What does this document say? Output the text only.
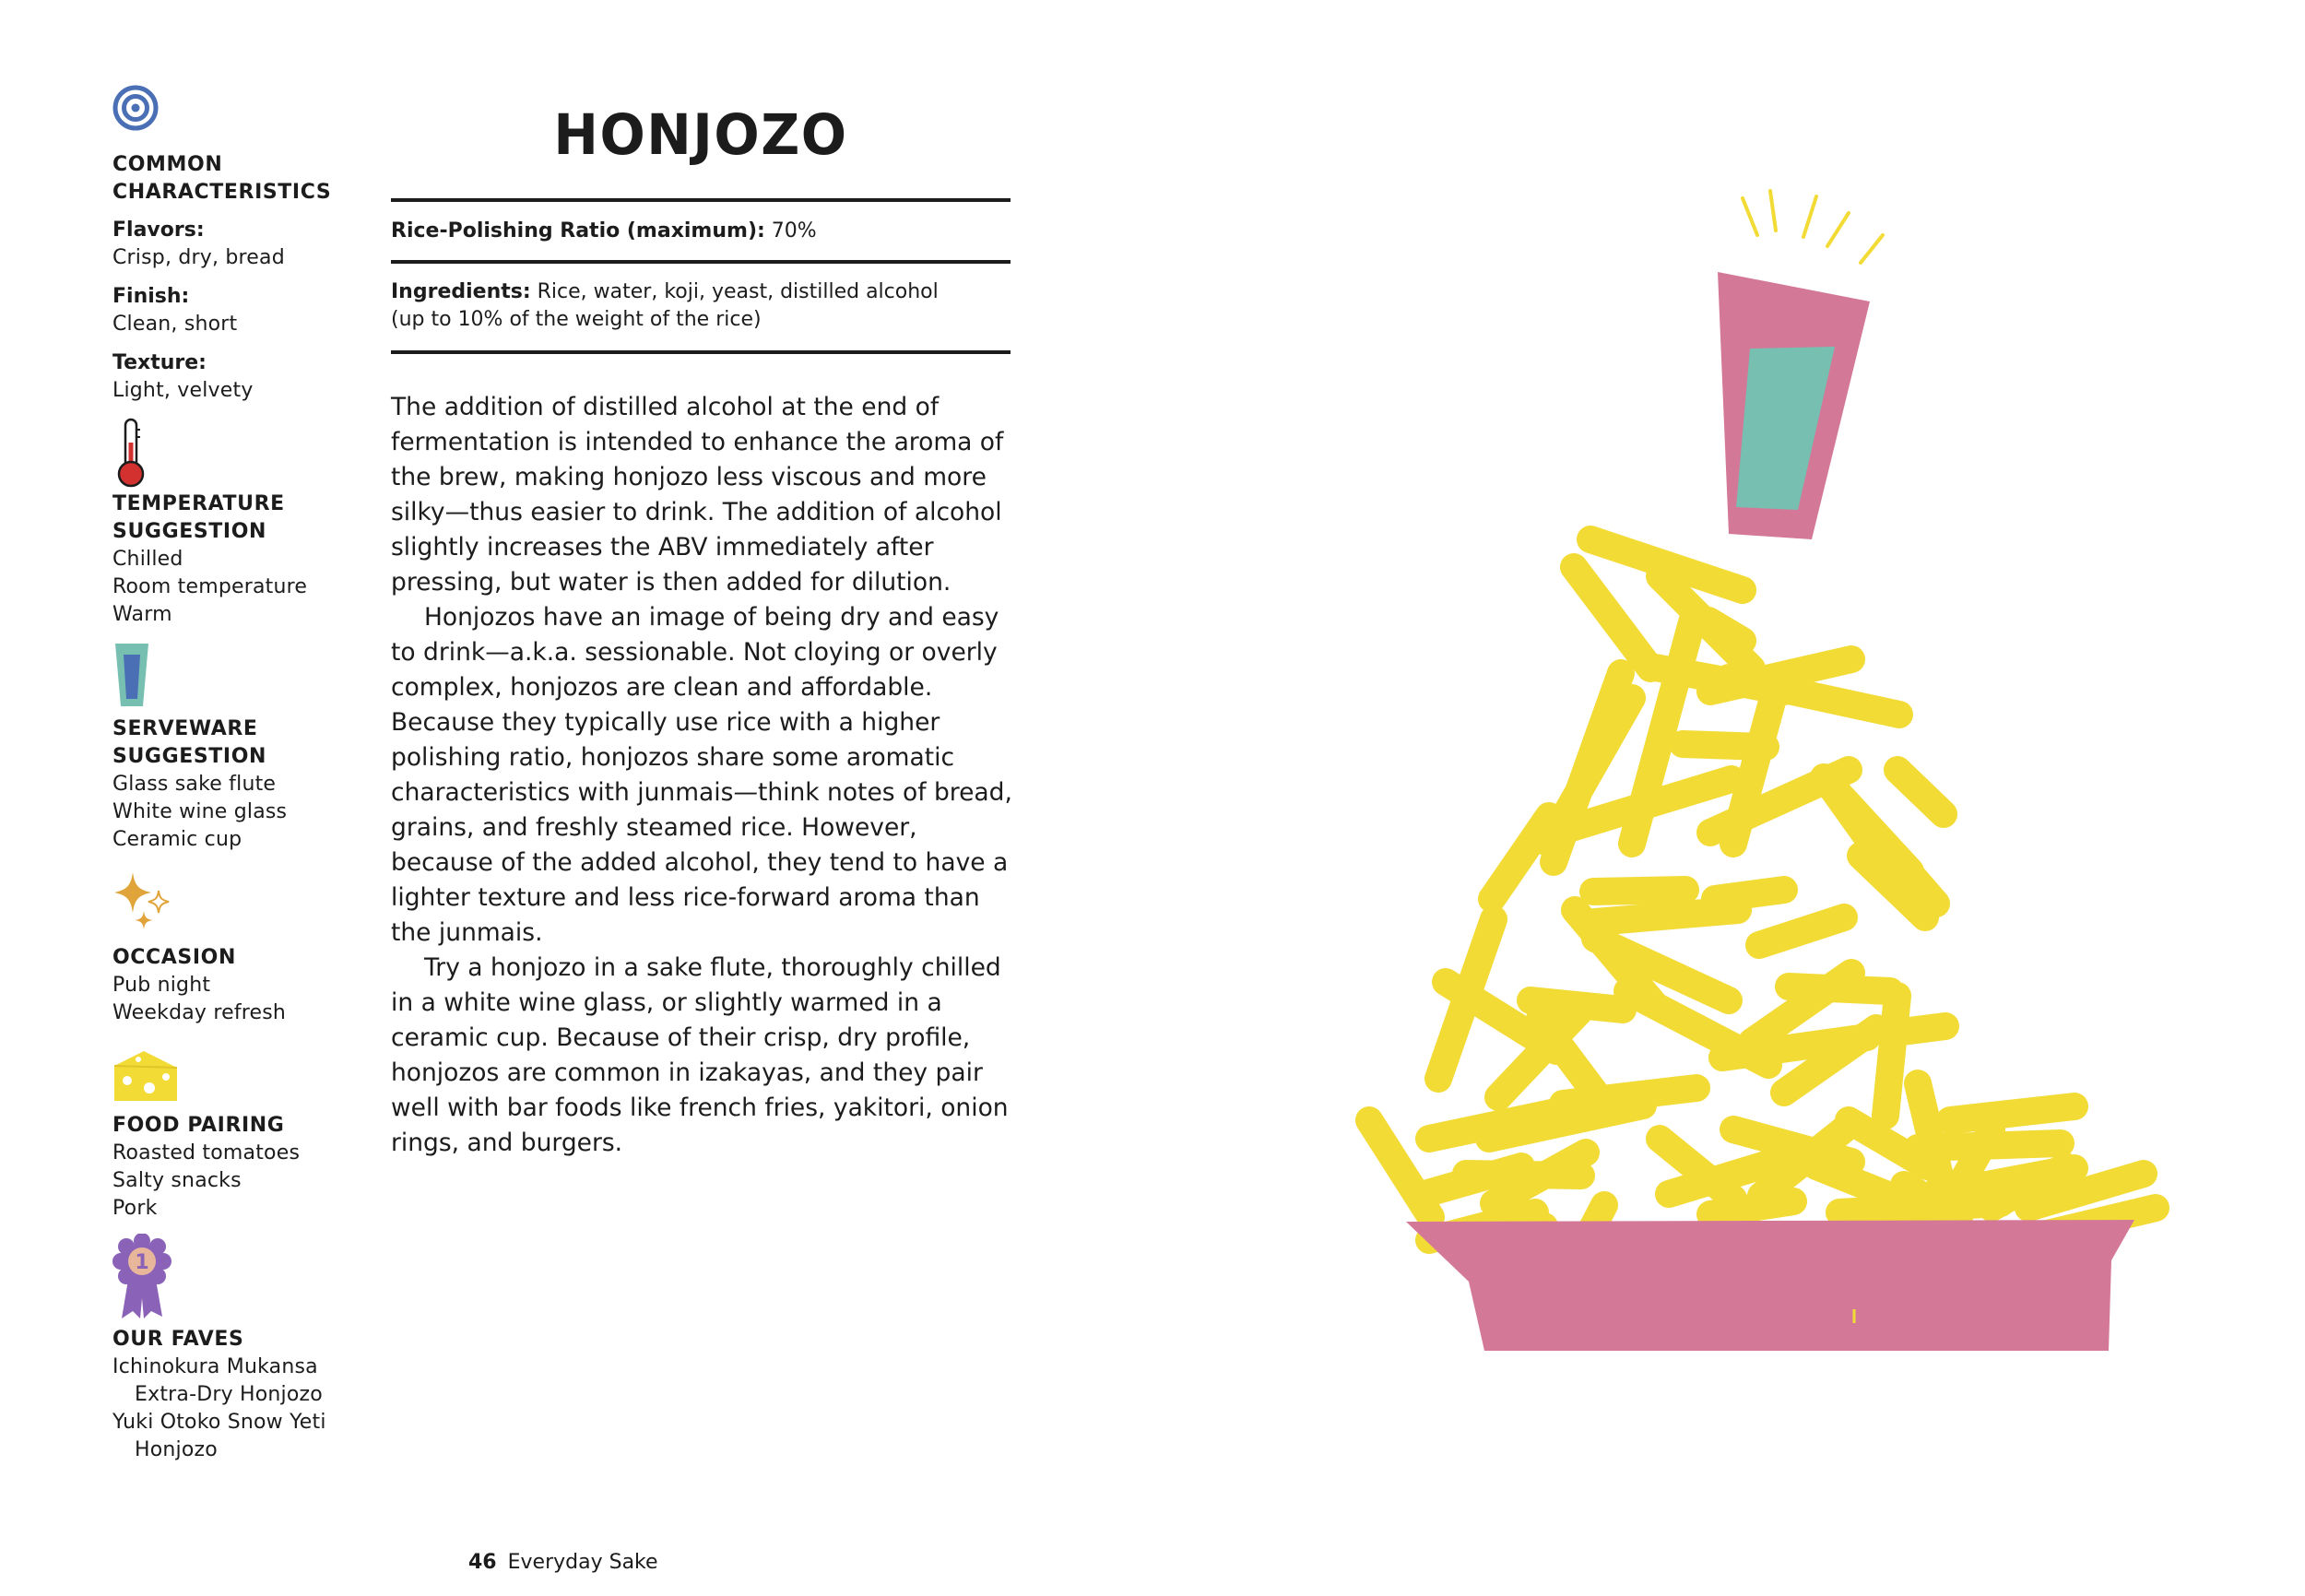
COMMON CHARACTERISTICS
Flavors:
Crisp, dry, bread
Finish:
Clean, short
Texture:
Light, velvety
TEMPERATURE SUGGESTION
Chilled
Room temperature
Warm
SERVEWARE SUGGESTION
Glass sake flute
White wine glass
Ceramic cup
OCCASION
Pub night
Weekday refresh
FOOD PAIRING
Roasted tomatoes
Salty snacks
Pork
1
OUR FAVES
Ichinokura Mukansa
Extra-Dry Honjozo
Yuki Otoko Snow Yeti
Honjozo
HONJOZO
Rice-Polishing Ratio (maximum): 70%
Ingredients: Rice, water, koji, yeast, distilled alcohol
(up to 10% of the weight of the rice)

The addition of distilled alcohol at the end of fermentation is intended to enhance the aroma of the brew, making honjozo less viscous and more silky—thus easier to drink. The addition of alcohol slightly increases the ABV immediately after pressing, but water is then added for dilution.

Honjozos have an image of being dry and easy to drink—a.k.a. sessionable. Not cloying or overly complex, honjozos are clean and affordable. Because they typically use rice with a higher polishing ratio, honjozos share some aromatic characteristics with junmais—think notes of bread, grains, and freshly steamed rice. However, because of the added alcohol, they tend to have a lighter texture and less rice-forward aroma than the junmais.

Try a honjozo in a sake flute, thoroughly chilled in a white wine glass, or slightly warmed in a ceramic cup. Because of their crisp, dry profile, honjozos are common in izakayas, and they pair well with bar foods like french fries, yakitori, onion rings, and burgers.

46 Everyday Sake
